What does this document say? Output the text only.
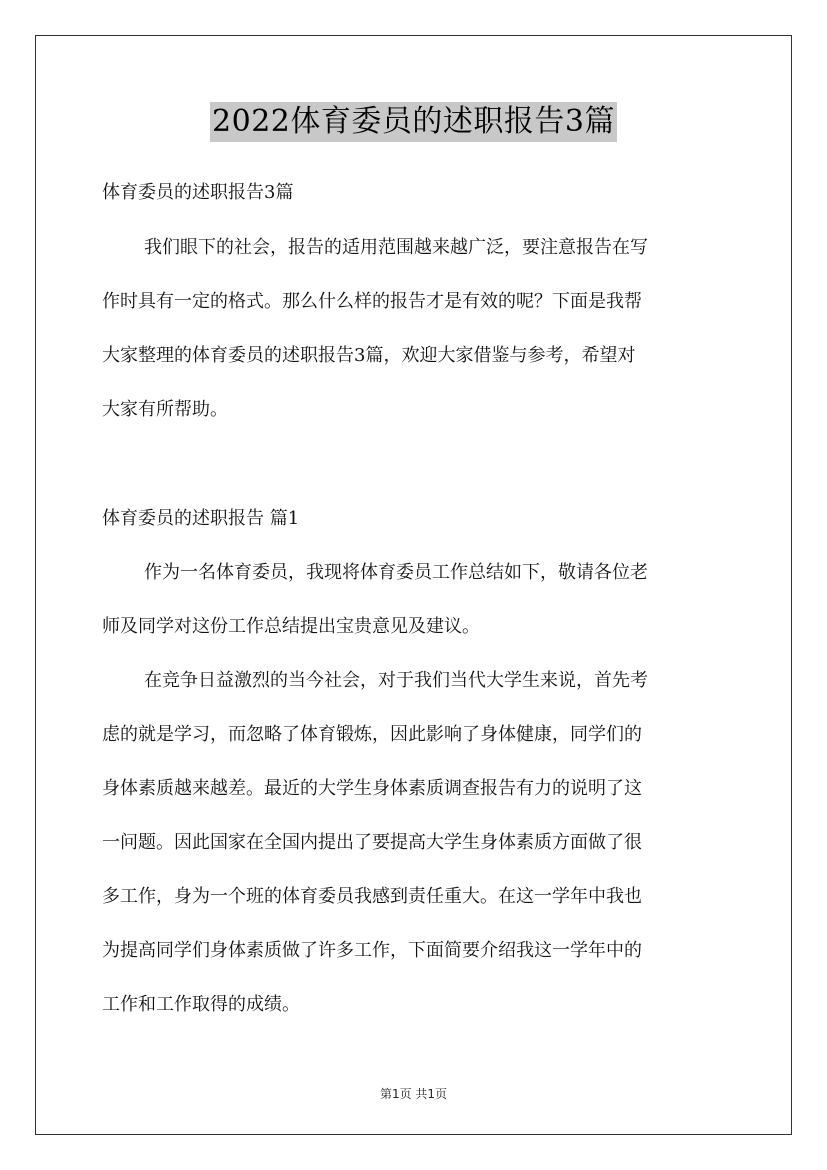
2022体育委员的述职报告3篇
体育委员的述职报告3篇
我们眼下的社会，报告的适用范围越来越广泛，要注意报告在写
作时具有一定的格式。那么什么样的报告才是有效的呢？下面是我帮
大家整理的体育委员的述职报告3篇，欢迎大家借鉴与参考，希望对
大家有所帮助。
体育委员的述职报告 篇1
作为一名体育委员，我现将体育委员工作总结如下，敬请各位老
师及同学对这份工作总结提出宝贵意见及建议。
在竞争日益激烈的当今社会，对于我们当代大学生来说，首先考
虑的就是学习，而忽略了体育锻炼，因此影响了身体健康，同学们的
身体素质越来越差。最近的大学生身体素质调查报告有力的说明了这
一问题。因此国家在全国内提出了要提高大学生身体素质方面做了很
多工作，身为一个班的体育委员我感到责任重大。在这一学年中我也
为提高同学们身体素质做了许多工作，下面简要介绍我这一学年中的
工作和工作取得的成绩。
第1页 共1页
